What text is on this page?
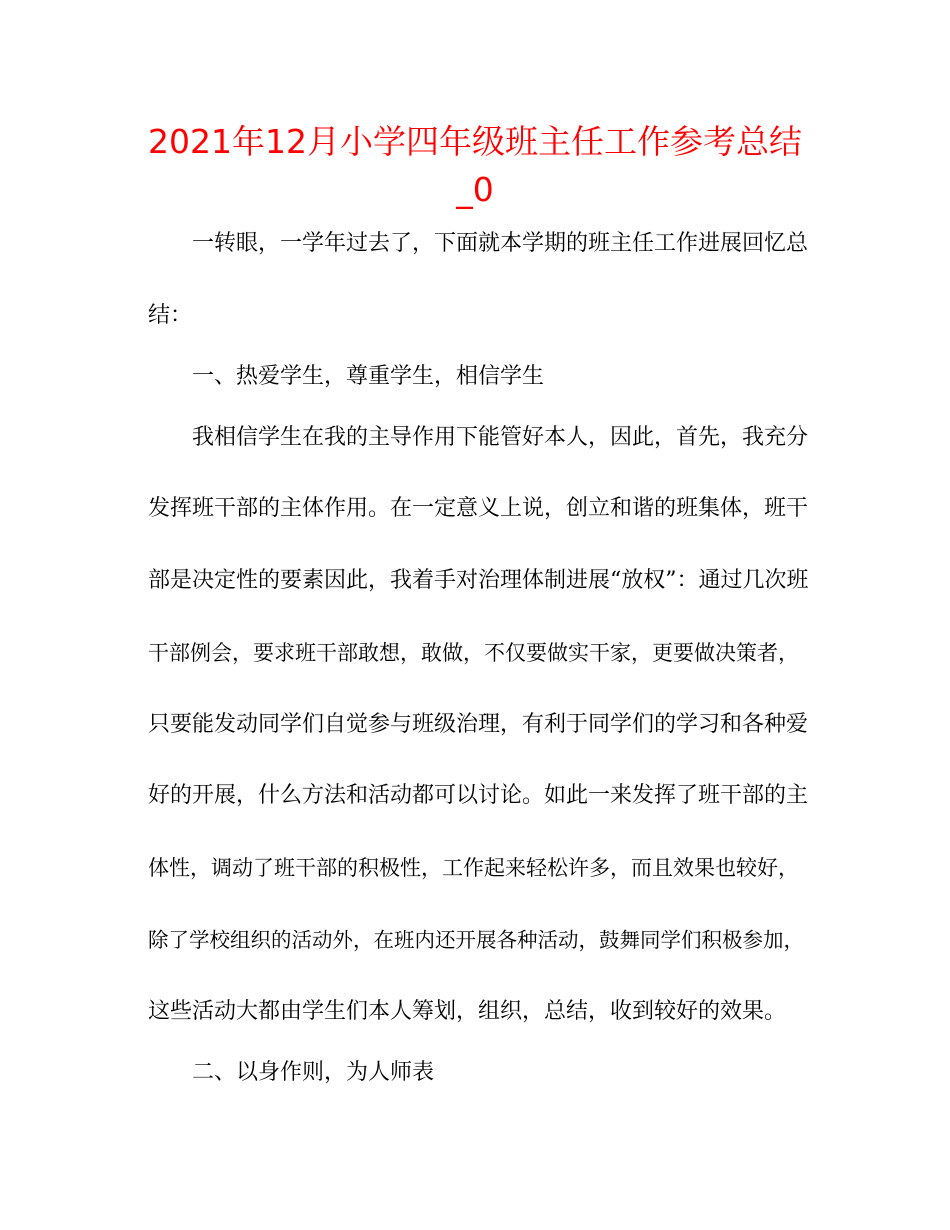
2021年12月小学四年级班主任工作参考总结_0
一转眼，一学年过去了，下面就本学期的班主任工作进展回忆总
结：
一、热爱学生，尊重学生，相信学生
我相信学生在我的主导作用下能管好本人，因此，首先，我充分
发挥班干部的主体作用。在一定意义上说，创立和谐的班集体，班干
部是决定性的要素因此，我着手对治理体制进展“放权”：通过几次班
干部例会，要求班干部敢想，敢做，不仅要做实干家，更要做决策者，
只要能发动同学们自觉参与班级治理，有利于同学们的学习和各种爱
好的开展，什么方法和活动都可以讨论。如此一来发挥了班干部的主
体性，调动了班干部的积极性，工作起来轻松许多，而且效果也较好，
除了学校组织的活动外，在班内还开展各种活动，鼓舞同学们积极参加，
这些活动大都由学生们本人筹划，组织，总结，收到较好的效果。
二、以身作则，为人师表
